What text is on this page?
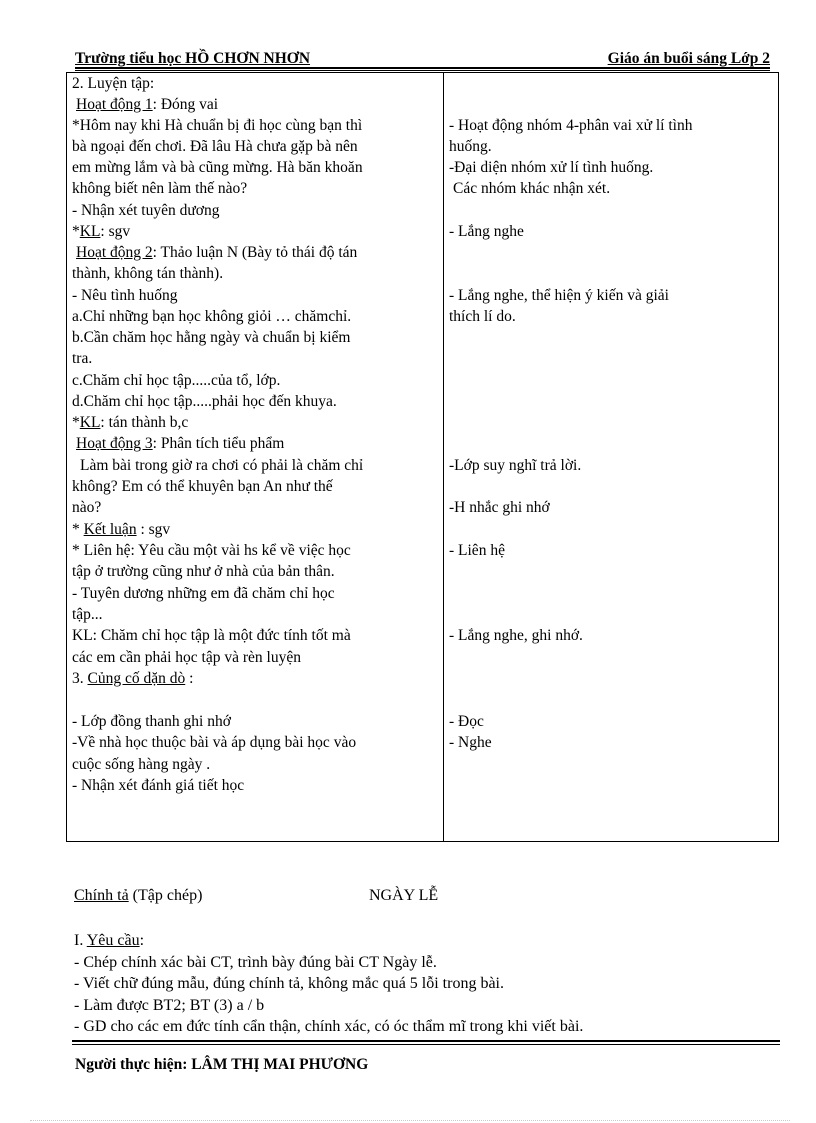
Trường tiểu học HỒ CHƠN NHƠN	Giáo án buổi sáng Lớp 2
2. Luyện tập:
Hoạt động 1: Đóng vai
*Hôm nay khi Hà chuẩn bị đi học cùng bạn thì
bà ngoại đến chơi. Đã lâu Hà chưa gặp bà nên
em mừng lắm và bà cũng mừng. Hà băn khoăn
không biết nên làm thế nào?
- Nhận xét tuyên dương
*KL: sgv
Hoạt động 2: Thảo luận N (Bày tỏ thái độ tán
thành, không tán thành).
- Nêu tình huống
a.Chỉ những bạn học không giỏi … chămchỉ.
b.Cần chăm học hằng ngày và chuẩn bị kiểm
tra.
c.Chăm chỉ học tập.....của tổ, lớp.
d.Chăm chỉ học tập.....phải học đến khuya.
*KL: tán thành b,c
Hoạt động 3: Phân tích tiểu phẩm
Làm bài trong giờ ra chơi có phải là chăm chỉ
không? Em có thể khuyên bạn An như thế
nào?
* Kết luận : sgv
* Liên hệ: Yêu cầu một vài hs kể về việc học
tập ở trường cũng như ở nhà của bản thân.
- Tuyên dương những em đã chăm chỉ học
tập...
KL: Chăm chỉ học tập là một đức tính tốt mà
các em cần phải học tập và rèn luyện
3. Củng cố dặn dò :
- Lớp đồng thanh ghi nhớ
-Về nhà học thuộc bài và áp dụng bài học vào
cuộc sống hàng ngày .
- Nhận xét đánh giá tiết học
- Hoạt động nhóm 4-phân vai xử lí tình
huống.
-Đại diện nhóm xử lí tình huống.
Các nhóm khác nhận xét.
- Lắng nghe
- Lắng nghe, thể hiện ý kiến và giải
thích lí do.
-Lớp suy nghĩ trả lời.
-H nhắc ghi nhớ
- Liên hệ
- Lắng nghe, ghi nhớ.
- Đọc
- Nghe
Chính tả (Tập chép)	NGÀY LỄ
I. Yêu cầu:
- Chép chính xác bài CT, trình bày đúng bài CT Ngày lễ.
- Viết chữ đúng mẫu, đúng chính tả, không mắc quá 5 lỗi trong bài.
- Làm được BT2; BT (3) a / b
- GD cho các em đức tính cẩn thận, chính xác, có óc thẩm mĩ trong khi viết bài.
Người thực hiện: LÂM THỊ MAI PHƯƠNG
